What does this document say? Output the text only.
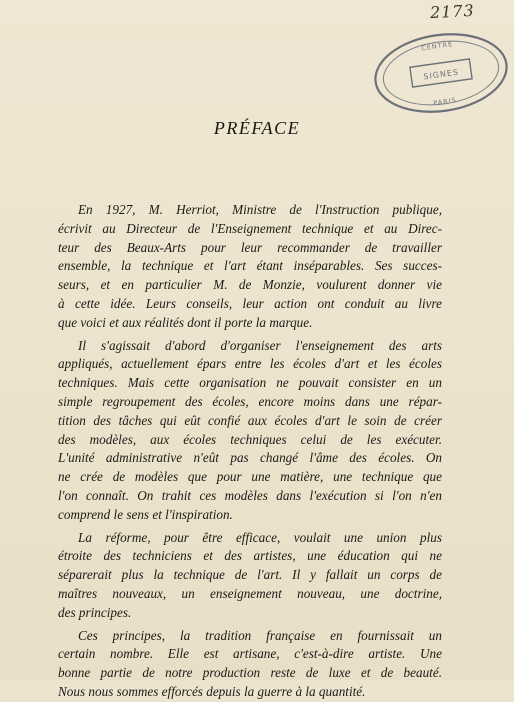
2173
CENTRE
SIGNES
PARIS
PRÉFACE
En 1927, M. Herriot, Ministre de l'Instruction publique,
écrivit au Directeur de l'Enseignement technique et au Direc-
teur des Beaux-Arts pour leur recommander de travailler
ensemble, la technique et l'art étant inséparables. Ses succes-
seurs, et en particulier M. de Monzie, voulurent donner vie
à cette idée. Leurs conseils, leur action ont conduit au livre
que voici et aux réalités dont il porte la marque.
Il s'agissait d'abord d'organiser l'enseignement des arts
appliqués, actuellement épars entre les écoles d'art et les écoles
techniques. Mais cette organisation ne pouvait consister en un
simple regroupement des écoles, encore moins dans une répar-
tition des tâches qui eût confié aux écoles d'art le soin de créer
des modèles, aux écoles techniques celui de les exécuter.
L'unité administrative n'eût pas changé l'âme des écoles. On
ne crée de modèles que pour une matière, une technique que
l'on connaît. On trahit ces modèles dans l'exécution si l'on n'en
comprend le sens et l'inspiration.
La réforme, pour être efficace, voulait une union plus
étroite des techniciens et des artistes, une éducation qui ne
séparerait plus la technique de l'art. Il y fallait un corps de
maîtres nouveaux, un enseignement nouveau, une doctrine,
des principes.
Ces principes, la tradition française en fournissait un
certain nombre. Elle est artisane, c'est-à-dire artiste. Une
bonne partie de notre production reste de luxe et de beauté.
Nous nous sommes efforcés depuis la guerre à la quantité.
